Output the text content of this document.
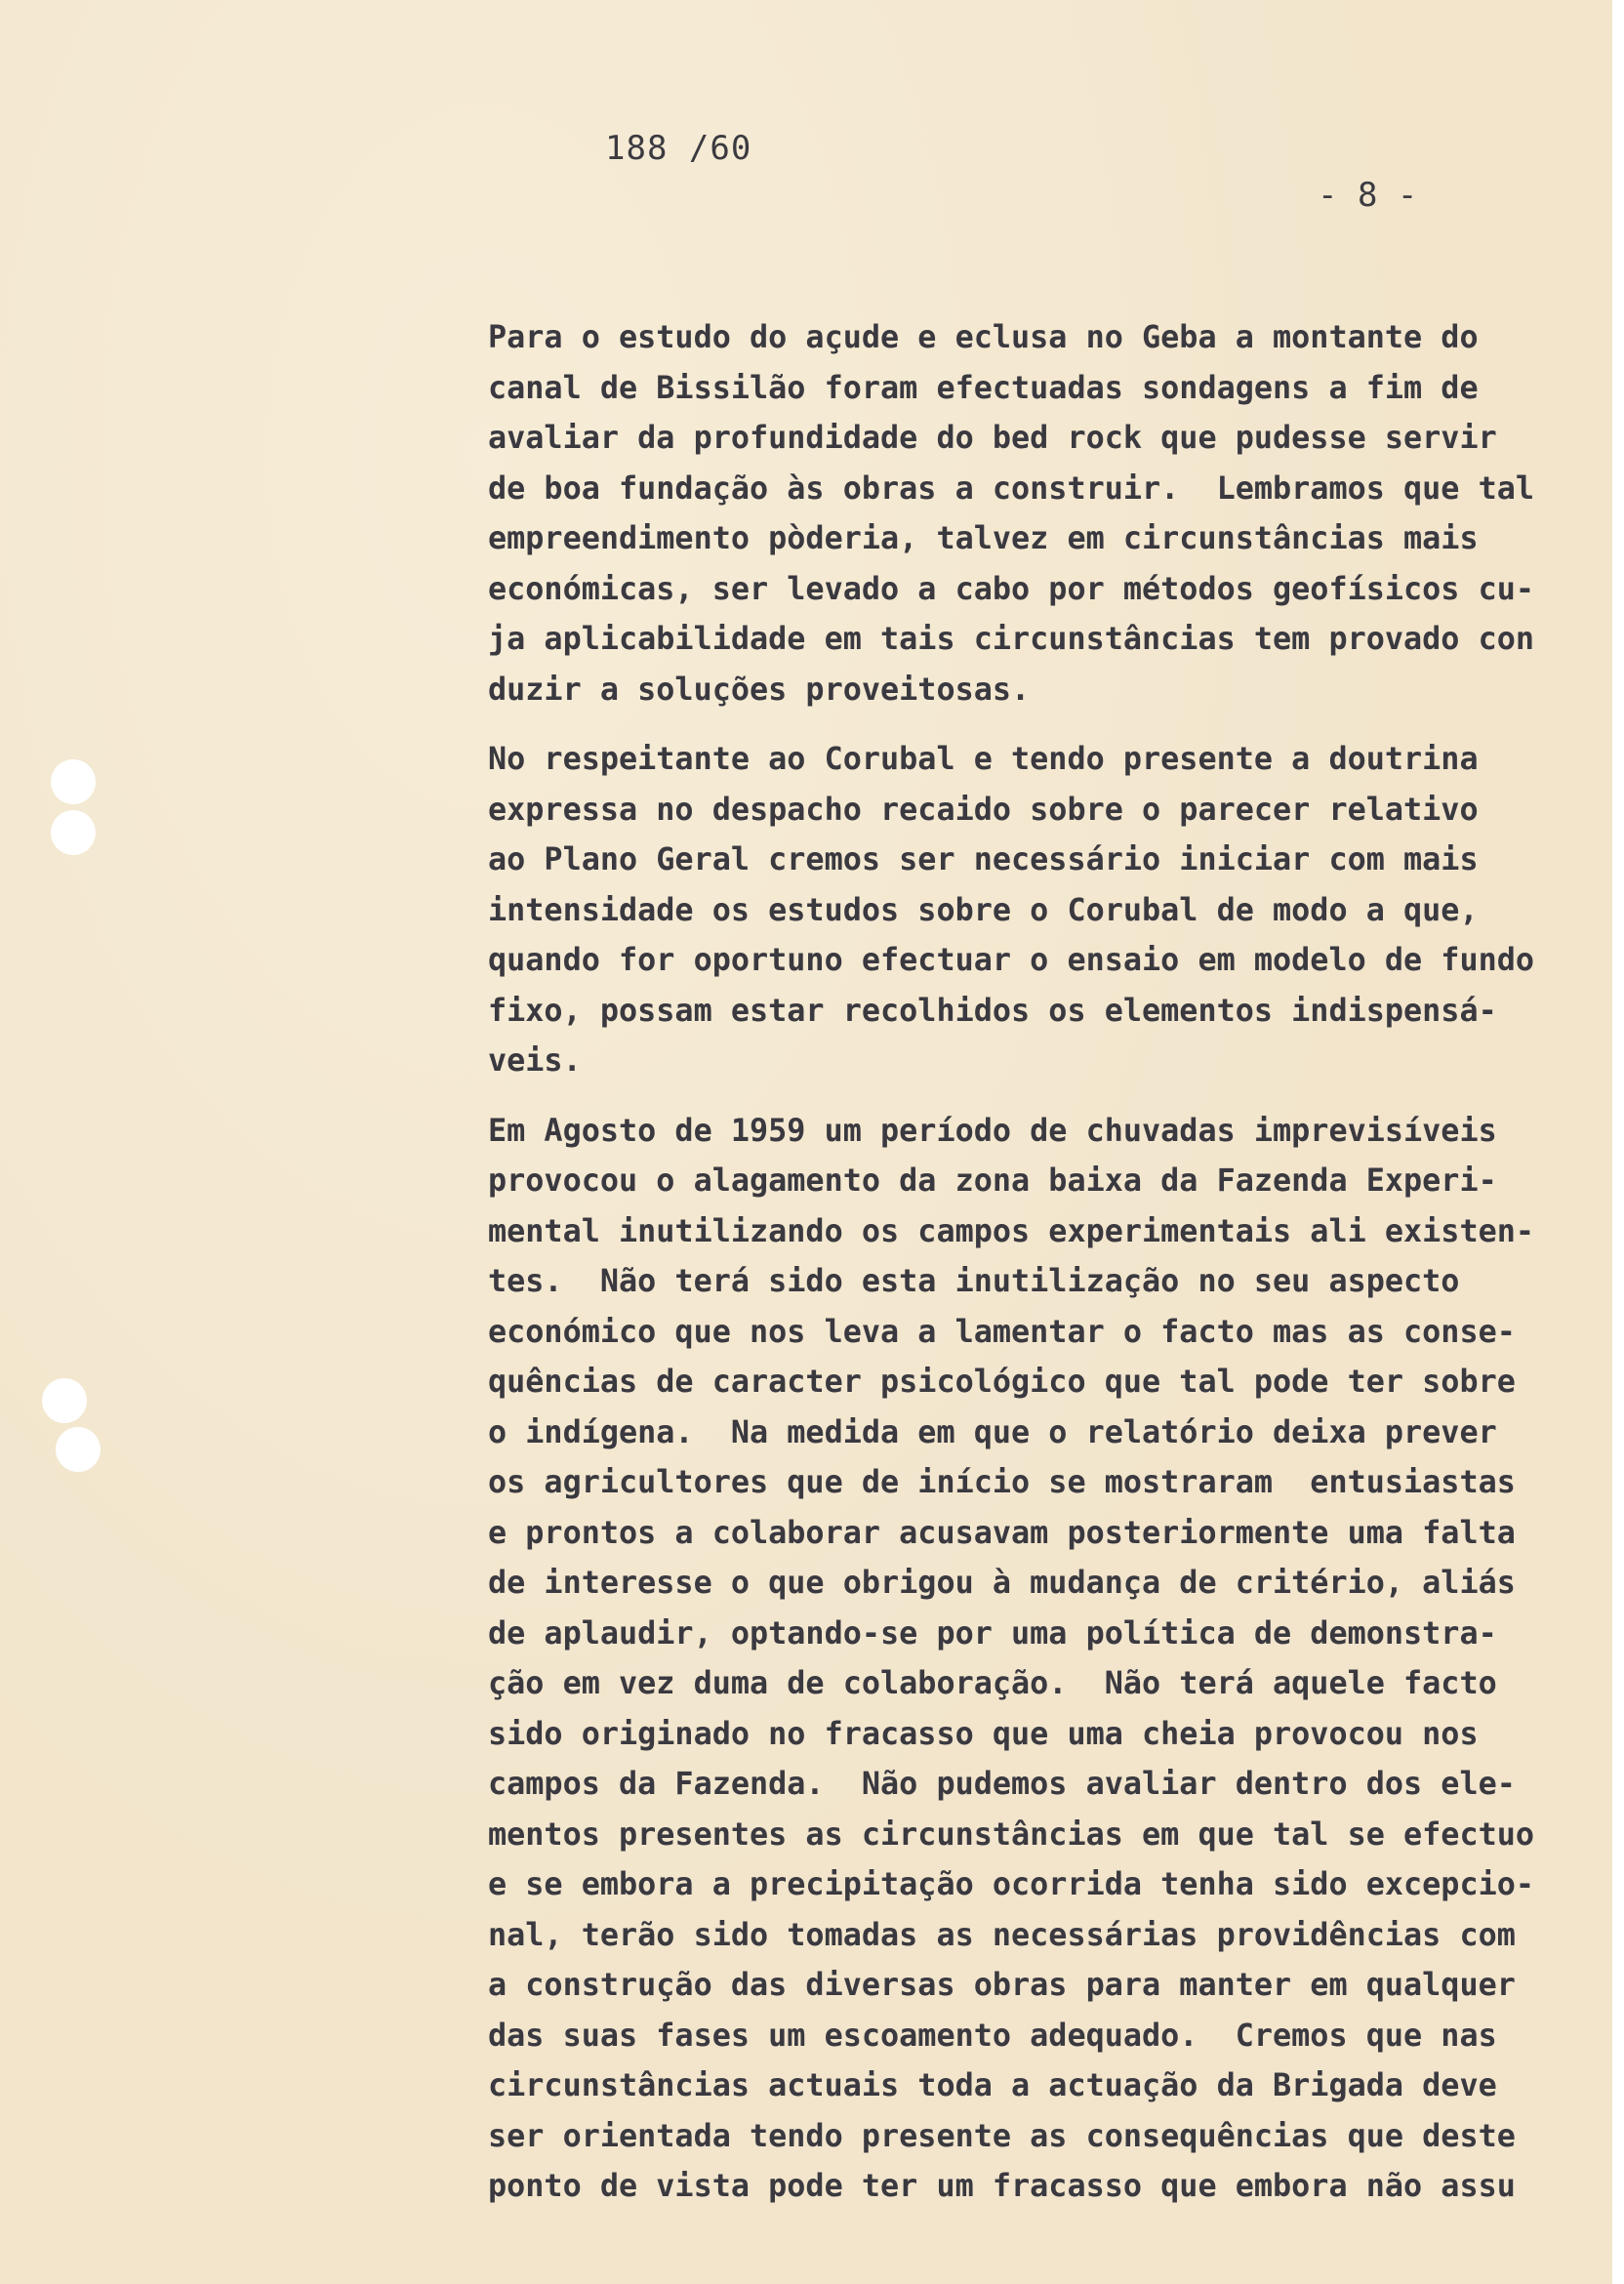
188 /60

- 8 -

Para o estudo do açude e eclusa no Geba a montante do
canal de Bissilão foram efectuadas sondagens a fim de
avaliar da profundidade do bed rock que pudesse servir
de boa fundação às obras a construir.  Lembramos que tal
empreendimento pòderia, talvez em circunstâncias mais
económicas, ser levado a cabo por métodos geofísicos cu-
ja aplicabilidade em tais circunstâncias tem provado con
duzir a soluções proveitosas.
No respeitante ao Corubal e tendo presente a doutrina
expressa no despacho recaido sobre o parecer relativo
ao Plano Geral cremos ser necessário iniciar com mais
intensidade os estudos sobre o Corubal de modo a que,
quando for oportuno efectuar o ensaio em modelo de fundo
fixo, possam estar recolhidos os elementos indispensá-
veis.
Em Agosto de 1959 um período de chuvadas imprevisíveis
provocou o alagamento da zona baixa da Fazenda Experi-
mental inutilizando os campos experimentais ali existen-
tes.  Não terá sido esta inutilização no seu aspecto
económico que nos leva a lamentar o facto mas as conse-
quências de caracter psicológico que tal pode ter sobre
o indígena.  Na medida em que o relatório deixa prever
os agricultores que de início se mostraram  entusiastas
e prontos a colaborar acusavam posteriormente uma falta
de interesse o que obrigou à mudança de critério, aliás
de aplaudir, optando-se por uma política de demonstra-
ção em vez duma de colaboração.  Não terá aquele facto
sido originado no fracasso que uma cheia provocou nos
campos da Fazenda.  Não pudemos avaliar dentro dos ele-
mentos presentes as circunstâncias em que tal se efectuo
e se embora a precipitação ocorrida tenha sido excepcio-
nal, terão sido tomadas as necessárias providências com
a construção das diversas obras para manter em qualquer
das suas fases um escoamento adequado.  Cremos que nas
circunstâncias actuais toda a actuação da Brigada deve
ser orientada tendo presente as consequências que deste
ponto de vista pode ter um fracasso que embora não assu
